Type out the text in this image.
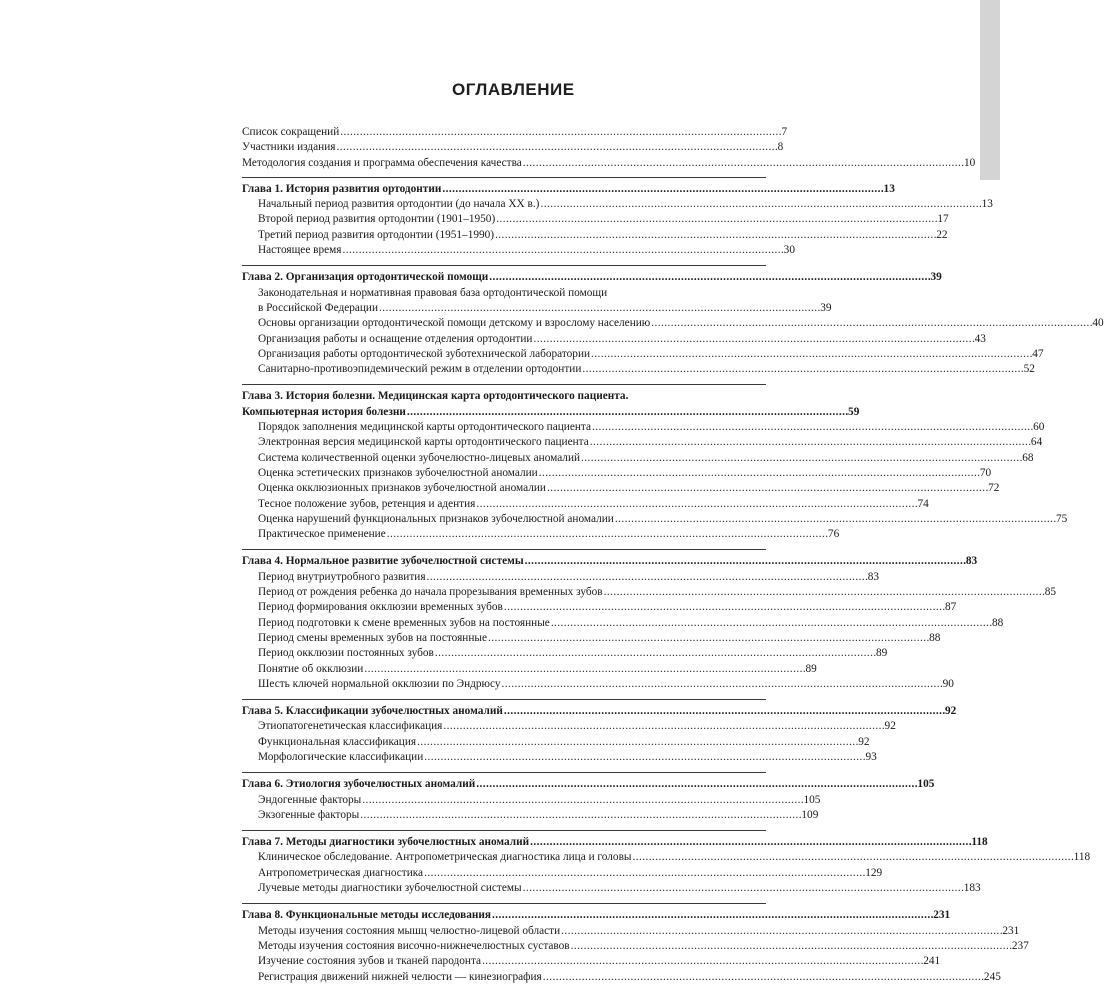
ОГЛАВЛЕНИЕ
Список сокращений . . .	7
Участники издания . . .	8
Методология создания и программа обеспечения качества . . .	10
Глава 1. История развития ортодонтии . . .	13
Начальный период развития ортодонтии (до начала XX в.) . . .	13
Второй период развития ортодонтии (1901–1950) . . .	17
Третий период развития ортодонтии (1951–1990) . . .	22
Настоящее время . . .	30
Глава 2. Организация ортодонтической помощи . . .	39
Законодательная и нормативная правовая база ортодонтической помощи
в Российской Федерации . . .	39
Основы организации ортодонтической помощи детскому и взрослому населению . . .	40
Организация работы и оснащение отделения ортодонтии . . .	43
Организация работы ортодонтической зуботехнической лаборатории . . .	47
Санитарно-противоэпидемический режим в отделении ортодонтии . . .	52
Глава 3. История болезни. Медицинская карта ортодонтического пациента.
Компьютерная история болезни . . .	59
Порядок заполнения медицинской карты ортодонтического пациента . . .	60
Электронная версия медицинской карты ортодонтического пациента . . .	64
Система количественной оценки зубочелюстно-лицевых аномалий . . .	68
Оценка эстетических признаков зубочелюстной аномалии . . .	70
Оценка окклюзионных признаков зубочелюстной аномалии . . .	72
Тесное положение зубов, ретенция и адентия . . .	74
Оценка нарушений функциональных признаков зубочелюстной аномалии . . .	75
Практическое применение . . .	76
Глава 4. Нормальное развитие зубочелюстной системы . . .	83
Период внутриутробного развития . . .	83
Период от рождения ребенка до начала прорезывания временных зубов . . .	85
Период формирования окклюзии временных зубов . . .	87
Период подготовки к смене временных зубов на постоянные . . .	88
Период смены временных зубов на постоянные . . .	88
Период окклюзии постоянных зубов . . .	89
Понятие об окклюзии . . .	89
Шесть ключей нормальной окклюзии по Эндрюсу . . .	90
Глава 5. Классификации зубочелюстных аномалий . . .	92
Этиопатогенетическая классификация . . .	92
Функциональная классификация . . .	92
Морфологические классификации . . .	93
Глава 6. Этиология зубочелюстных аномалий . . .	105
Эндогенные факторы . . .	105
Экзогенные факторы . . .	109
Глава 7. Методы диагностики зубочелюстных аномалий . . .	118
Клиническое обследование. Антропометрическая диагностика лица и головы . . .	118
Антропометрическая диагностика . . .	129
Лучевые методы диагностики зубочелюстной системы . . .	183
Глава 8. Функциональные методы исследования . . .	231
Методы изучения состояния мышц челюстно-лицевой области . . .	231
Методы изучения состояния височно-нижнечелюстных суставов . . .	237
Изучение состояния зубов и тканей пародонта . . .	241
Регистрация движений нижней челюсти — кинезиография . . .	245
